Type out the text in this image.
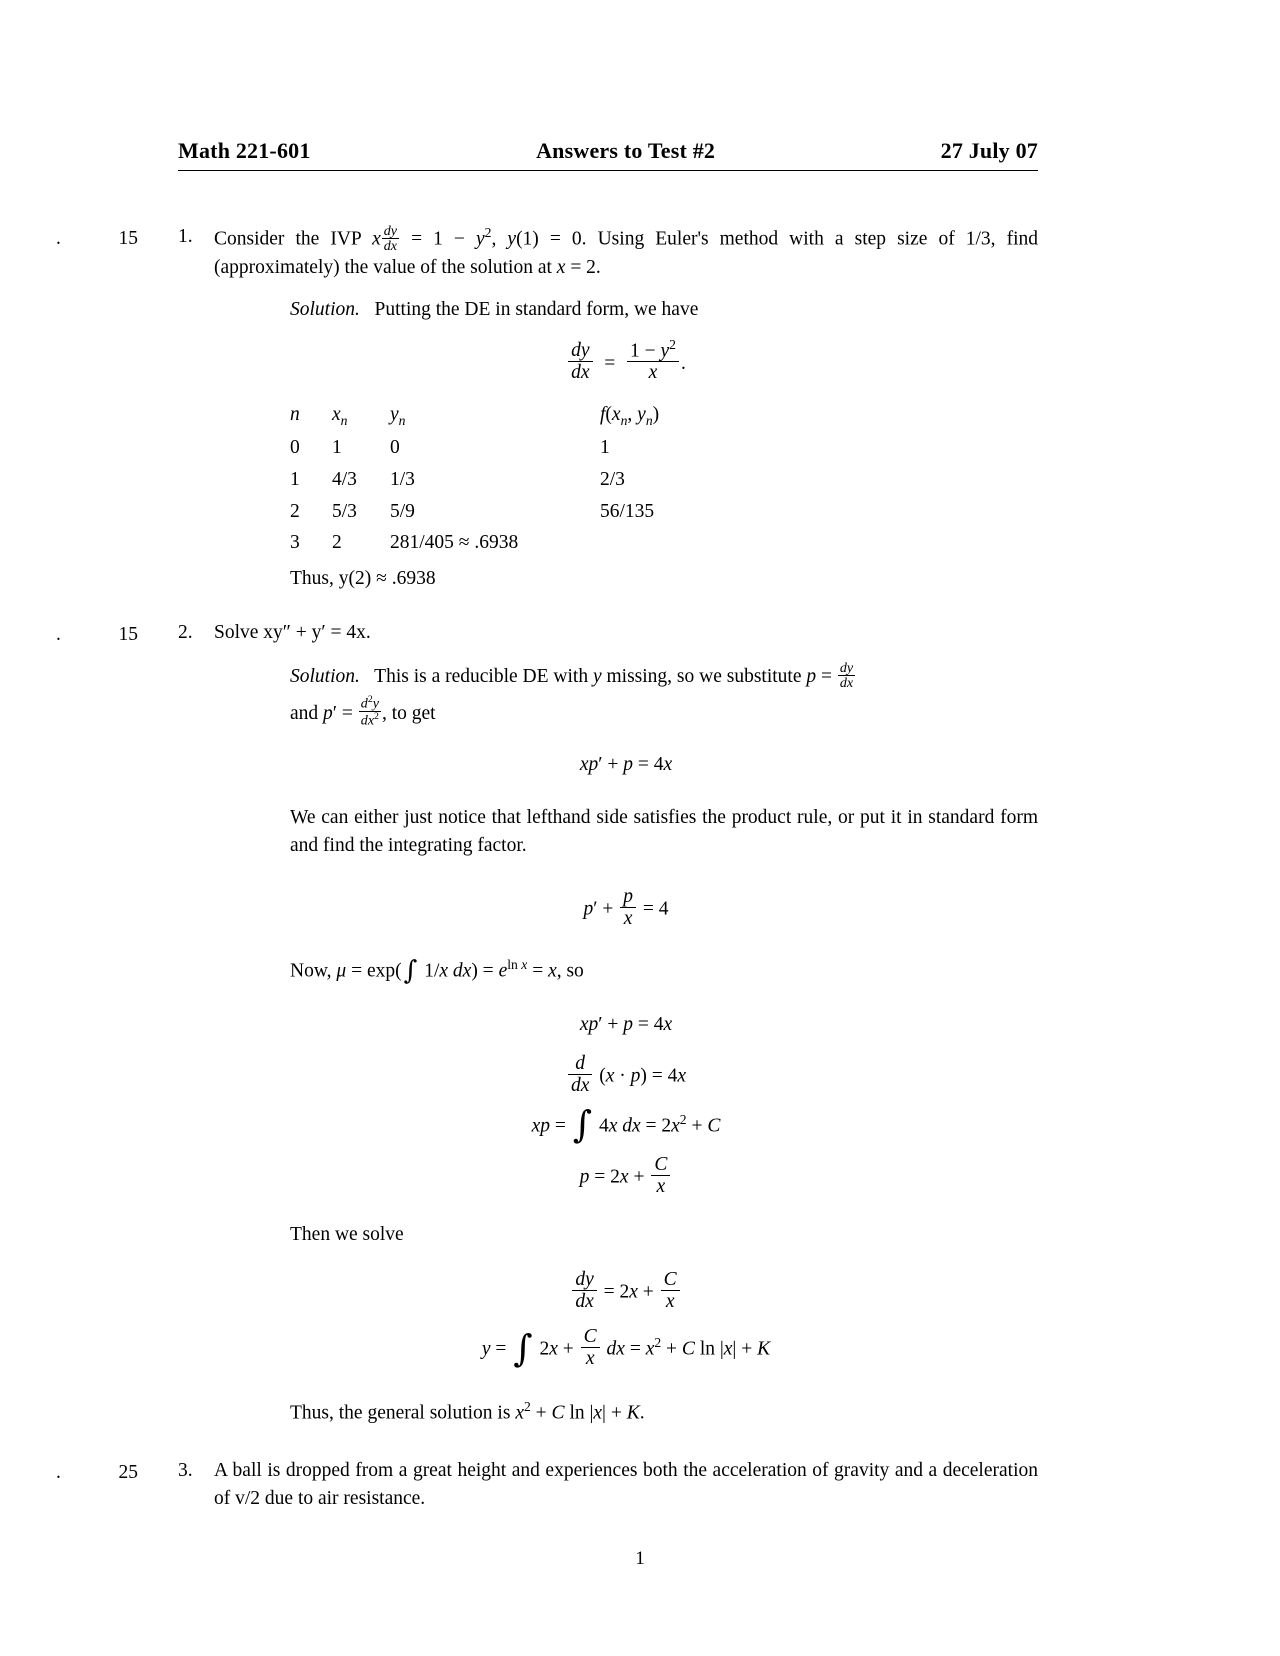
Math 221-601	Answers to Test #2	27 July 07
.	15 1. Consider the IVP x $\frac{dy}{dx} = 1 - y^2$, y(1) = 0. Using Euler's method with a step size of 1/3, find (approximately) the value of the solution at x = 2.
Solution. Putting the DE in standard form, we have
$\frac{dy}{dx} = \frac{1 - y^2}{x}$ .
n	$x_n$	$y_n$	$f(x_n$, $y_n$)
0	1	0	1
1	4/3	1/3	2/3
2	5/3	5/9	56/135
3	2	281/405 ≈ .6938	
Thus, y(2) ≈ .6938
.	15 2. Solve xy″ + y′ = 4x.
Solution. This is a reducible DE with y missing, so we substitute $p = \frac{dy}{dx}$
and $p' = \frac{d^2y}{dx^2}$ , to get
xp′ + p = 4x
We can either just notice that lefthand side satisfies the product rule, or put it in standard form and find the integrating factor.
$p' + \frac{p}{x} = 4$
Now, μ = exp(∫ 1/x $dx) = e^{ln x} = x$, so
xp′ + p = 4x
$\frac{d}{dx} (x \cdot p) = 4x$
xp = ∫ 4x dx = $2x^2 + C$
$p = 2x + \frac{C}{x}$
Then we solve
$\frac{dy}{dx} = 2x + \frac{C}{x}$
y = ∫ $2x + \frac{C}{x}$ dx = $x^2 + C$ ln |x| + K
Thus, the general solution is $x^2 + C$ ln |x| + K.
.	25 3. A ball is dropped from a great height and experiences both the acceleration of gravity and a deceleration of v/2 due to air resistance.
1
